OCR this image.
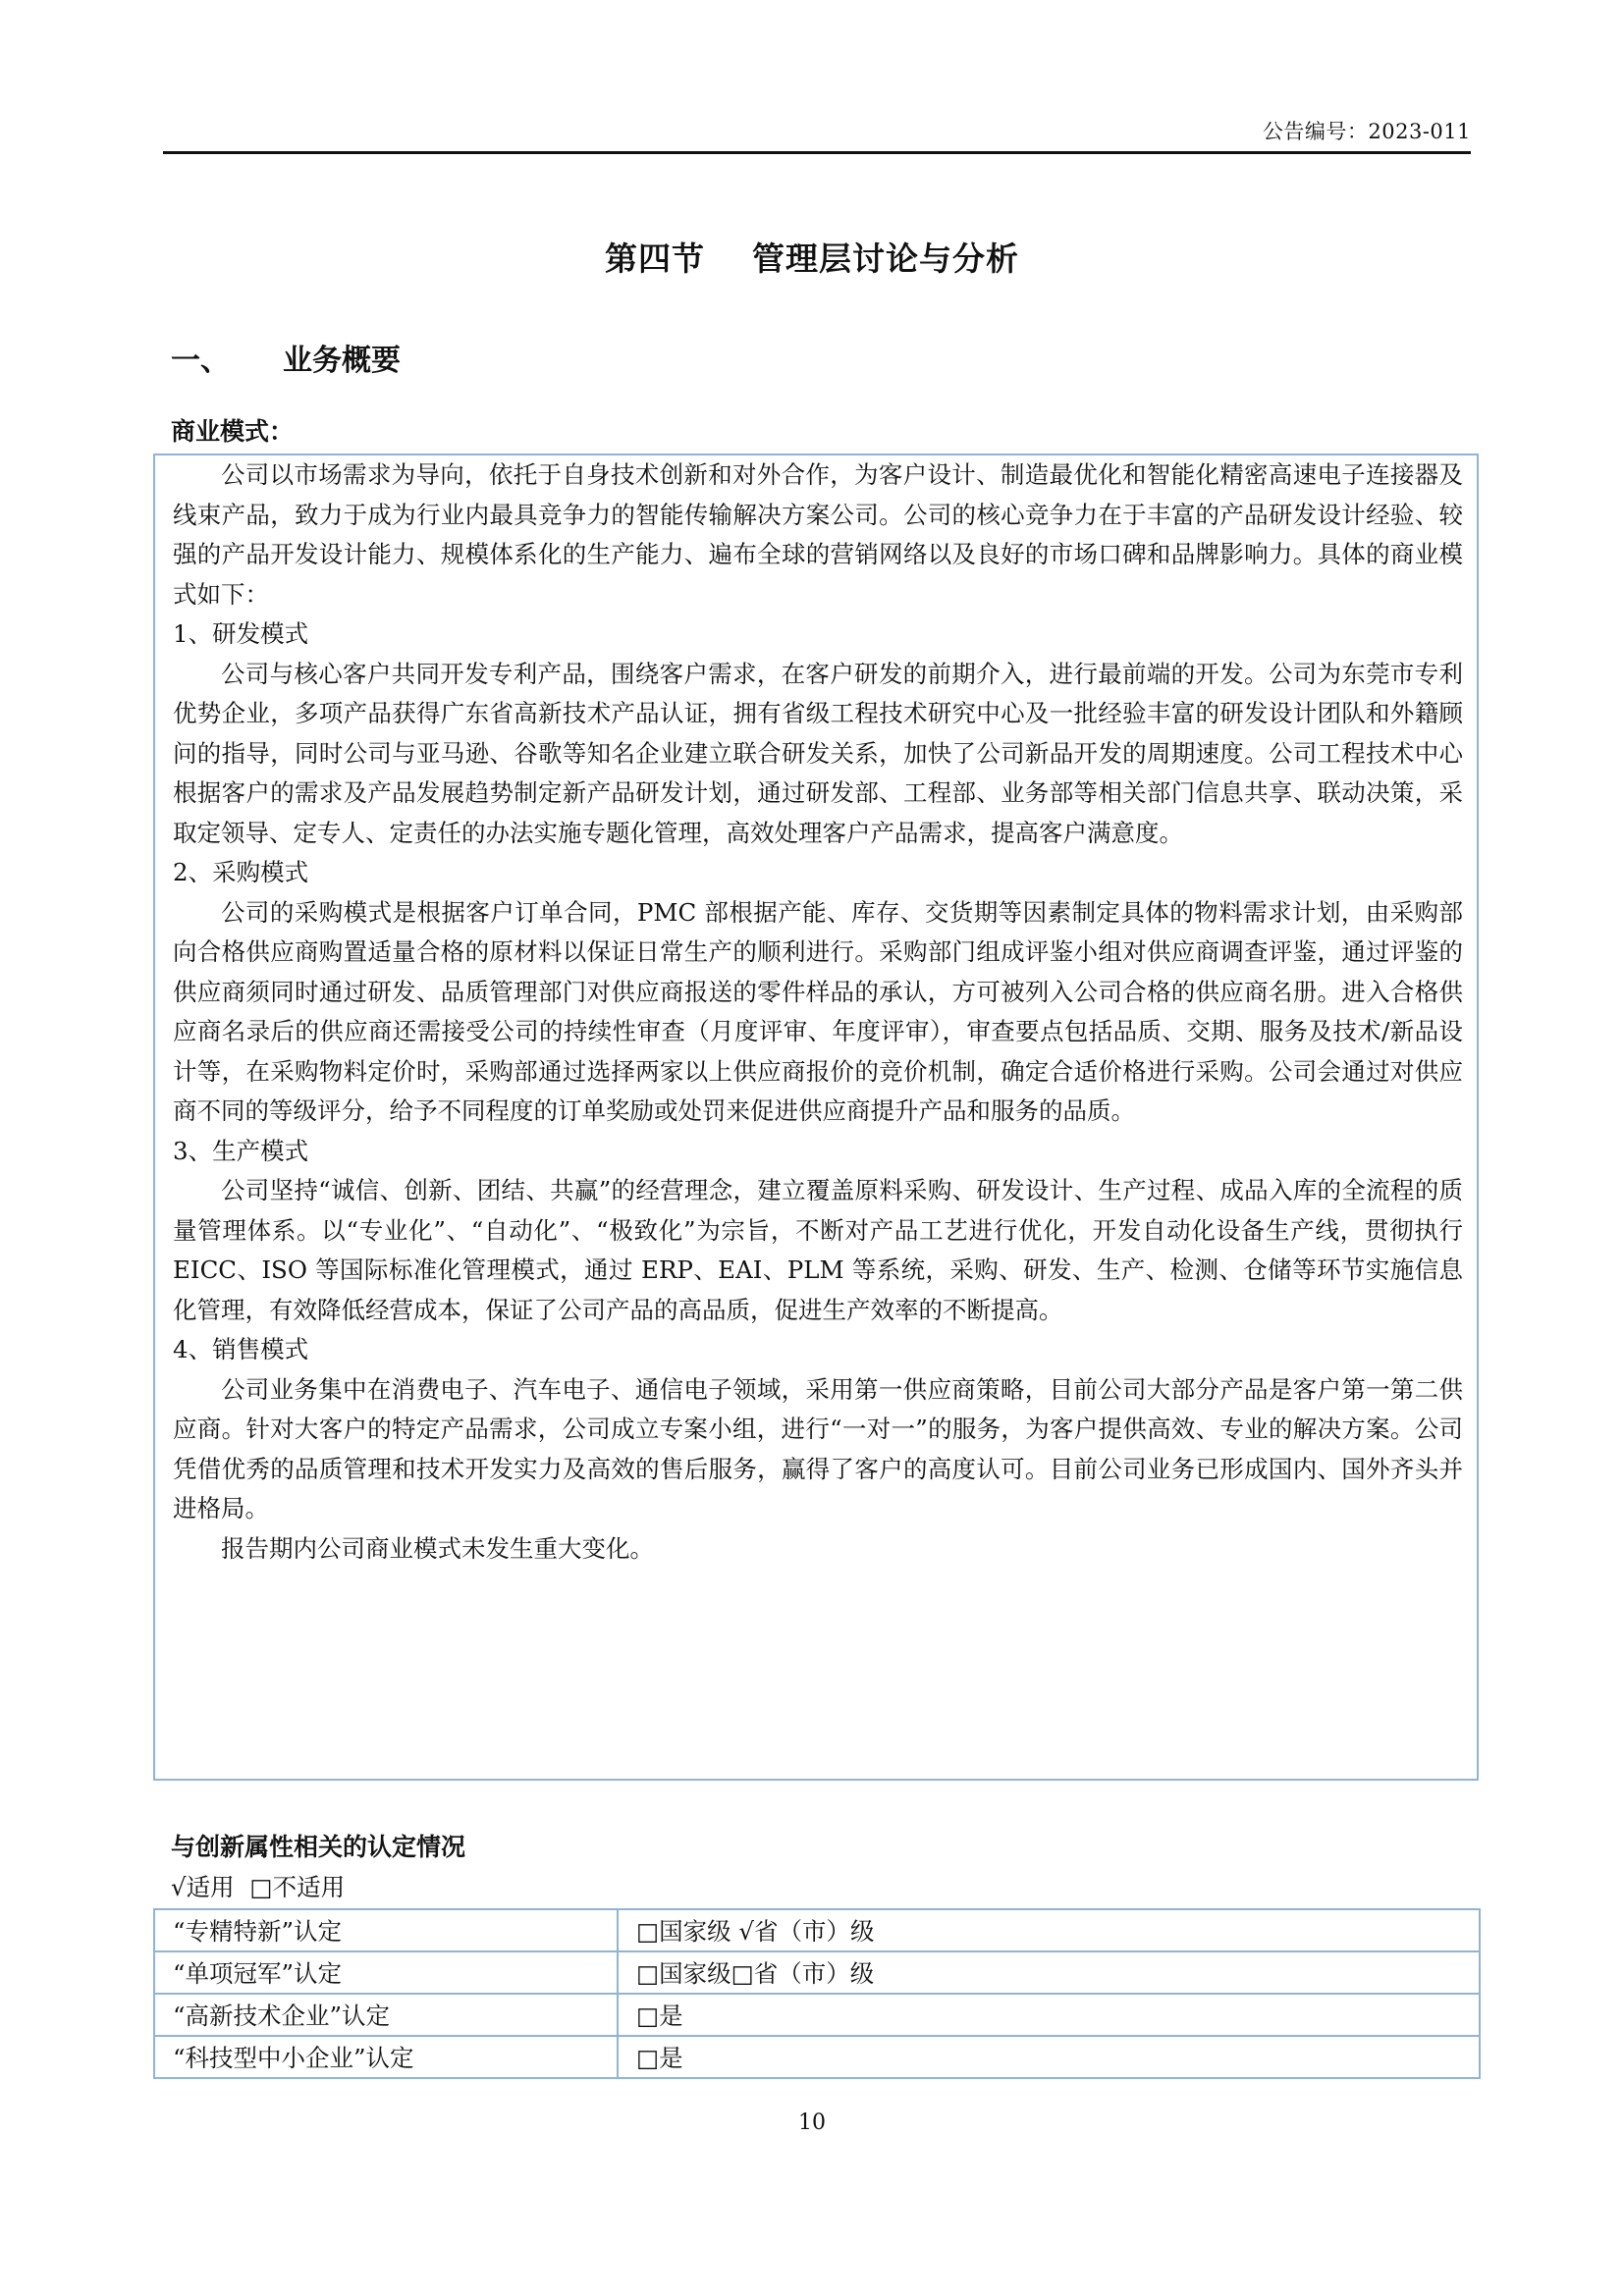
公告编号：2023-011
第四节 管理层讨论与分析
一、 业务概要
商业模式：

公司以市场需求为导向，依托于自身技术创新和对外合作，为客户设计、制造最优化和智能化精密高速电子连接器及线束产品，致力于成为行业内最具竞争力的智能传输解决方案公司。公司的核心竞争力在于丰富的产品研发设计经验、较强的产品开发设计能力、规模体系化的生产能力、遍布全球的营销网络以及良好的市场口碑和品牌影响力。具体的商业模式如下：

1、研发模式

公司与核心客户共同开发专利产品，围绕客户需求，在客户研发的前期介入，进行最前端的开发。公司为东莞市专利优势企业，多项产品获得广东省高新技术产品认证，拥有省级工程技术研究中心及一批经验丰富的研发设计团队和外籍顾问的指导，同时公司与亚马逊、谷歌等知名企业建立联合研发关系，加快了公司新品开发的周期速度。公司工程技术中心根据客户的需求及产品发展趋势制定新产品研发计划，通过研发部、工程部、业务部等相关部门信息共享、联动决策，采取定领导、定专人、定责任的办法实施专题化管理，高效处理客户产品需求，提高客户满意度。

2、采购模式

公司的采购模式是根据客户订单合同，PMC 部根据产能、库存、交货期等因素制定具体的物料需求计划，由采购部向合格供应商购置适量合格的原材料以保证日常生产的顺利进行。采购部门组成评鉴小组对供应商调查评鉴，通过评鉴的供应商须同时通过研发、品质管理部门对供应商报送的零件样品的承认，方可被列入公司合格的供应商名册。进入合格供应商名录后的供应商还需接受公司的持续性审查（月度评审、年度评审），审查要点包括品质、交期、服务及技术/新品设计等，在采购物料定价时，采购部通过选择两家以上供应商报价的竞价机制，确定合适价格进行采购。公司会通过对供应商不同的等级评分，给予不同程度的订单奖励或处罚来促进供应商提升产品和服务的品质。

3、生产模式

公司坚持“诚信、创新、团结、共赢”的经营理念，建立覆盖原料采购、研发设计、生产过程、成品入库的全流程的质量管理体系。以“专业化”、“自动化”、“极致化”为宗旨，不断对产品工艺进行优化，开发自动化设备生产线，贯彻执行 EICC、ISO 等国际标准化管理模式，通过 ERP、EAI、PLM 等系统，采购、研发、生产、检测、仓储等环节实施信息化管理，有效降低经营成本，保证了公司产品的高品质，促进生产效率的不断提高。

4、销售模式

公司业务集中在消费电子、汽车电子、通信电子领域，采用第一供应商策略，目前公司大部分产品是客户第一第二供应商。针对大客户的特定产品需求，公司成立专案小组，进行“一对一”的服务，为客户提供高效、专业的解决方案。公司凭借优秀的品质管理和技术开发实力及高效的售后服务，赢得了客户的高度认可。目前公司业务已形成国内、国外齐头并进格局。

报告期内公司商业模式未发生重大变化。

与创新属性相关的认定情况
√适用 □不适用
“专精特新”认定	□国家级 √省（市）级
“单项冠军”认定	□国家级□省（市）级
“高新技术企业”认定	□是
“科技型中小企业”认定	□是
10
